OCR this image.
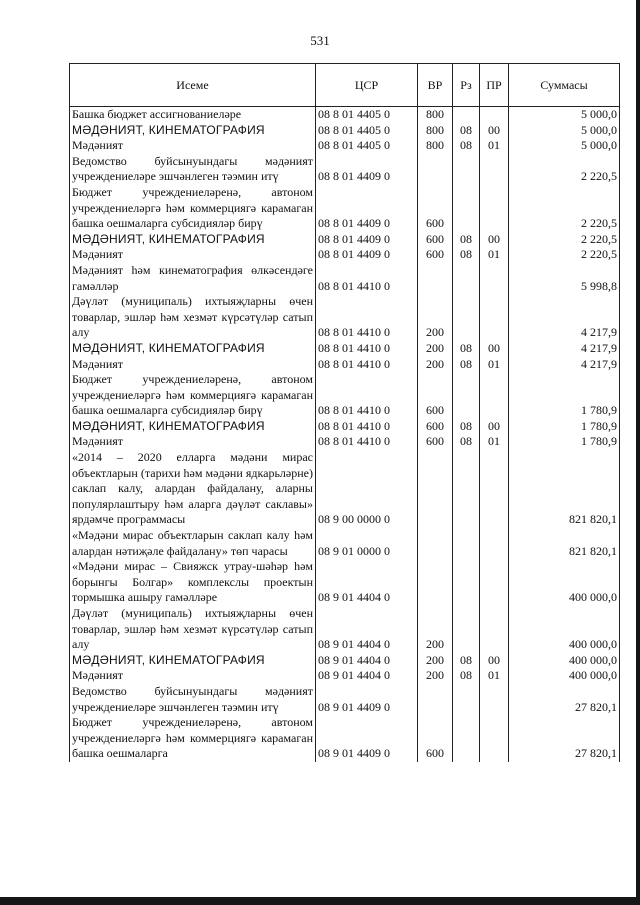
531
Исеме	ЦСР	ВР	Рз	ПР	Суммасы
Башка бюджет ассигнованиеләре	08 8 01 4405 0	800			5 000,0
МӘДӘНИЯТ, КИНЕМАТОГРАФИЯ	08 8 01 4405 0	800	08	00	5 000,0
Мәдәният	08 8 01 4405 0	800	08	01	5 000,0
Ведомство буйсынуындагы мәдәният учреждениеләре эшчәнлеген тәэмин итү	08 8 01 4409 0				2 220,5
Бюджет учреждениеләренә, автоном учреждениеләргә һәм коммерциягә карамаган башка оешмаларга субсидияләр бирү	08 8 01 4409 0	600			2 220,5
МӘДӘНИЯТ, КИНЕМАТОГРАФИЯ	08 8 01 4409 0	600	08	00	2 220,5
Мәдәният	08 8 01 4409 0	600	08	01	2 220,5
Мәдәният һәм кинематография өлкәсендәге гамәлләр	08 8 01 4410 0				5 998,8
Дәүләт (муниципаль) ихтыяҗларны өчен товарлар, эшләр һәм хезмәт күрсәтүләр сатып алу	08 8 01 4410 0	200			4 217,9
МӘДӘНИЯТ, КИНЕМАТОГРАФИЯ	08 8 01 4410 0	200	08	00	4 217,9
Мәдәният	08 8 01 4410 0	200	08	01	4 217,9
Бюджет учреждениеләренә, автоном учреждениеләргә һәм коммерциягә карамаган башка оешмаларга субсидияләр бирү	08 8 01 4410 0	600			1 780,9
МӘДӘНИЯТ, КИНЕМАТОГРАФИЯ	08 8 01 4410 0	600	08	00	1 780,9
Мәдәният	08 8 01 4410 0	600	08	01	1 780,9
«2014 – 2020 елларга мәдәни мирас объектларын (тарихи һәм мәдәни ядкарьләрне) саклап калу, алардан файдалану, аларны популярлаштыру һәм аларга дәүләт саклавы» ярдәмче программасы	08 9 00 0000 0				821 820,1
«Мәдәни мирас объектларын саклап калу һәм алардан нәтиҗәле файдалану» төп чарасы	08 9 01 0000 0				821 820,1
«Мәдәни мирас – Свияжск утрау-шәһәр һәм борынгы Болгар» комплекслы проектын тормышка ашыру гамәлләре	08 9 01 4404 0				400 000,0
Дәүләт (муниципаль) ихтыяҗларны өчен товарлар, эшләр һәм хезмәт күрсәтүләр сатып алу	08 9 01 4404 0	200			400 000,0
МӘДӘНИЯТ, КИНЕМАТОГРАФИЯ	08 9 01 4404 0	200	08	00	400 000,0
Мәдәният	08 9 01 4404 0	200	08	01	400 000,0
Ведомство буйсынуындагы мәдәният учреждениеләре эшчәнлеген тәэмин итү	08 9 01 4409 0				27 820,1
Бюджет учреждениеләренә, автоном учреждениеләргә һәм коммерциягә карамаган башка оешмаларга	08 9 01 4409 0	600			27 820,1
